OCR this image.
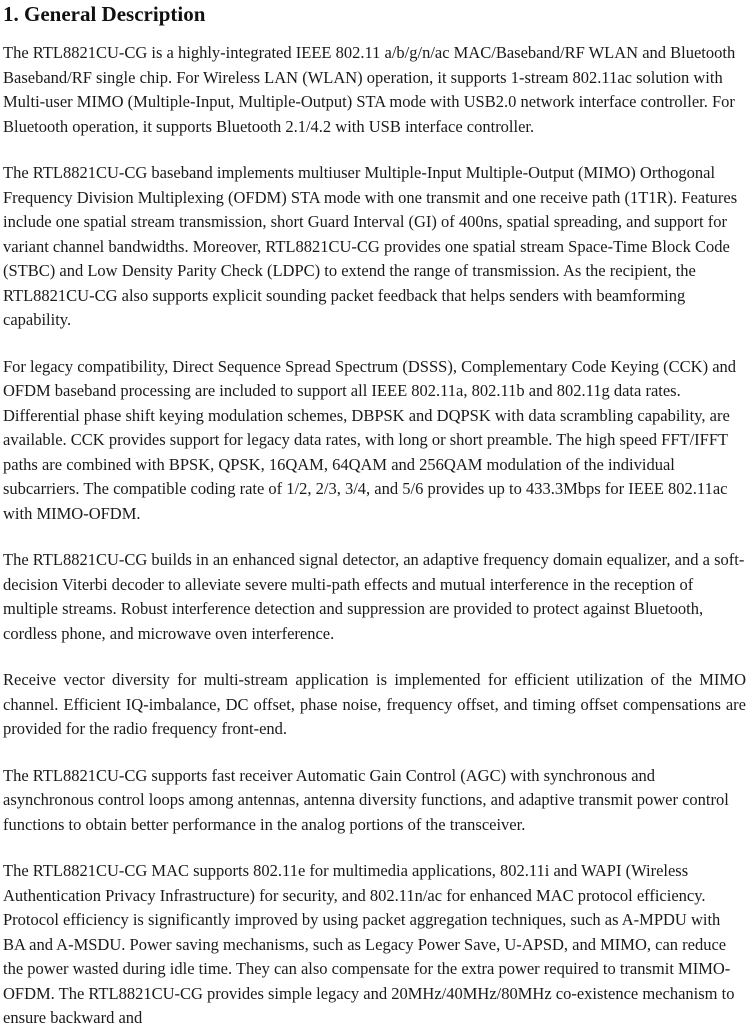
1. General Description

The RTL8821CU-CG is a highly-integrated IEEE 802.11 a/b/g/n/ac MAC/Baseband/RF WLAN and Bluetooth Baseband/RF single chip. For Wireless LAN (WLAN) operation, it supports 1-stream 802.11ac solution with Multi-user MIMO (Multiple-Input, Multiple-Output) STA mode with USB2.0 network interface controller. For Bluetooth operation, it supports Bluetooth 2.1/4.2 with USB interface controller.

The RTL8821CU-CG baseband implements multiuser Multiple-Input Multiple-Output (MIMO) Orthogonal Frequency Division Multiplexing (OFDM) STA mode with one transmit and one receive path (1T1R). Features include one spatial stream transmission, short Guard Interval (GI) of 400ns, spatial spreading, and support for variant channel bandwidths. Moreover, RTL8821CU-CG provides one spatial stream Space-Time Block Code (STBC) and Low Density Parity Check (LDPC) to extend the range of transmission. As the recipient, the RTL8821CU-CG also supports explicit sounding packet feedback that helps senders with beamforming capability.

For legacy compatibility, Direct Sequence Spread Spectrum (DSSS), Complementary Code Keying (CCK) and OFDM baseband processing are included to support all IEEE 802.11a, 802.11b and 802.11g data rates. Differential phase shift keying modulation schemes, DBPSK and DQPSK with data scrambling capability, are available. CCK provides support for legacy data rates, with long or short preamble. The high speed FFT/IFFT paths are combined with BPSK, QPSK, 16QAM, 64QAM and 256QAM modulation of the individual subcarriers. The compatible coding rate of 1/2, 2/3, 3/4, and 5/6 provides up to 433.3Mbps for IEEE 802.11ac with MIMO-OFDM.

The RTL8821CU-CG builds in an enhanced signal detector, an adaptive frequency domain equalizer, and a soft-decision Viterbi decoder to alleviate severe multi-path effects and mutual interference in the reception of multiple streams. Robust interference detection and suppression are provided to protect against Bluetooth, cordless phone, and microwave oven interference.

Receive vector diversity for multi-stream application is implemented for efficient utilization of the MIMO channel. Efficient IQ-imbalance, DC offset, phase noise, frequency offset, and timing offset compensations are provided for the radio frequency front-end.

The RTL8821CU-CG supports fast receiver Automatic Gain Control (AGC) with synchronous and asynchronous control loops among antennas, antenna diversity functions, and adaptive transmit power control functions to obtain better performance in the analog portions of the transceiver.

The RTL8821CU-CG MAC supports 802.11e for multimedia applications, 802.11i and WAPI (Wireless Authentication Privacy Infrastructure) for security, and 802.11n/ac for enhanced MAC protocol efficiency. Protocol efficiency is significantly improved by using packet aggregation techniques, such as A-MPDU with BA and A-MSDU. Power saving mechanisms, such as Legacy Power Save, U-APSD, and MIMO, can reduce the power wasted during idle time. They can also compensate for the extra power required to transmit MIMO-OFDM. The RTL8821CU-CG provides simple legacy and 20MHz/40MHz/80MHz co-existence mechanism to ensure backward and
